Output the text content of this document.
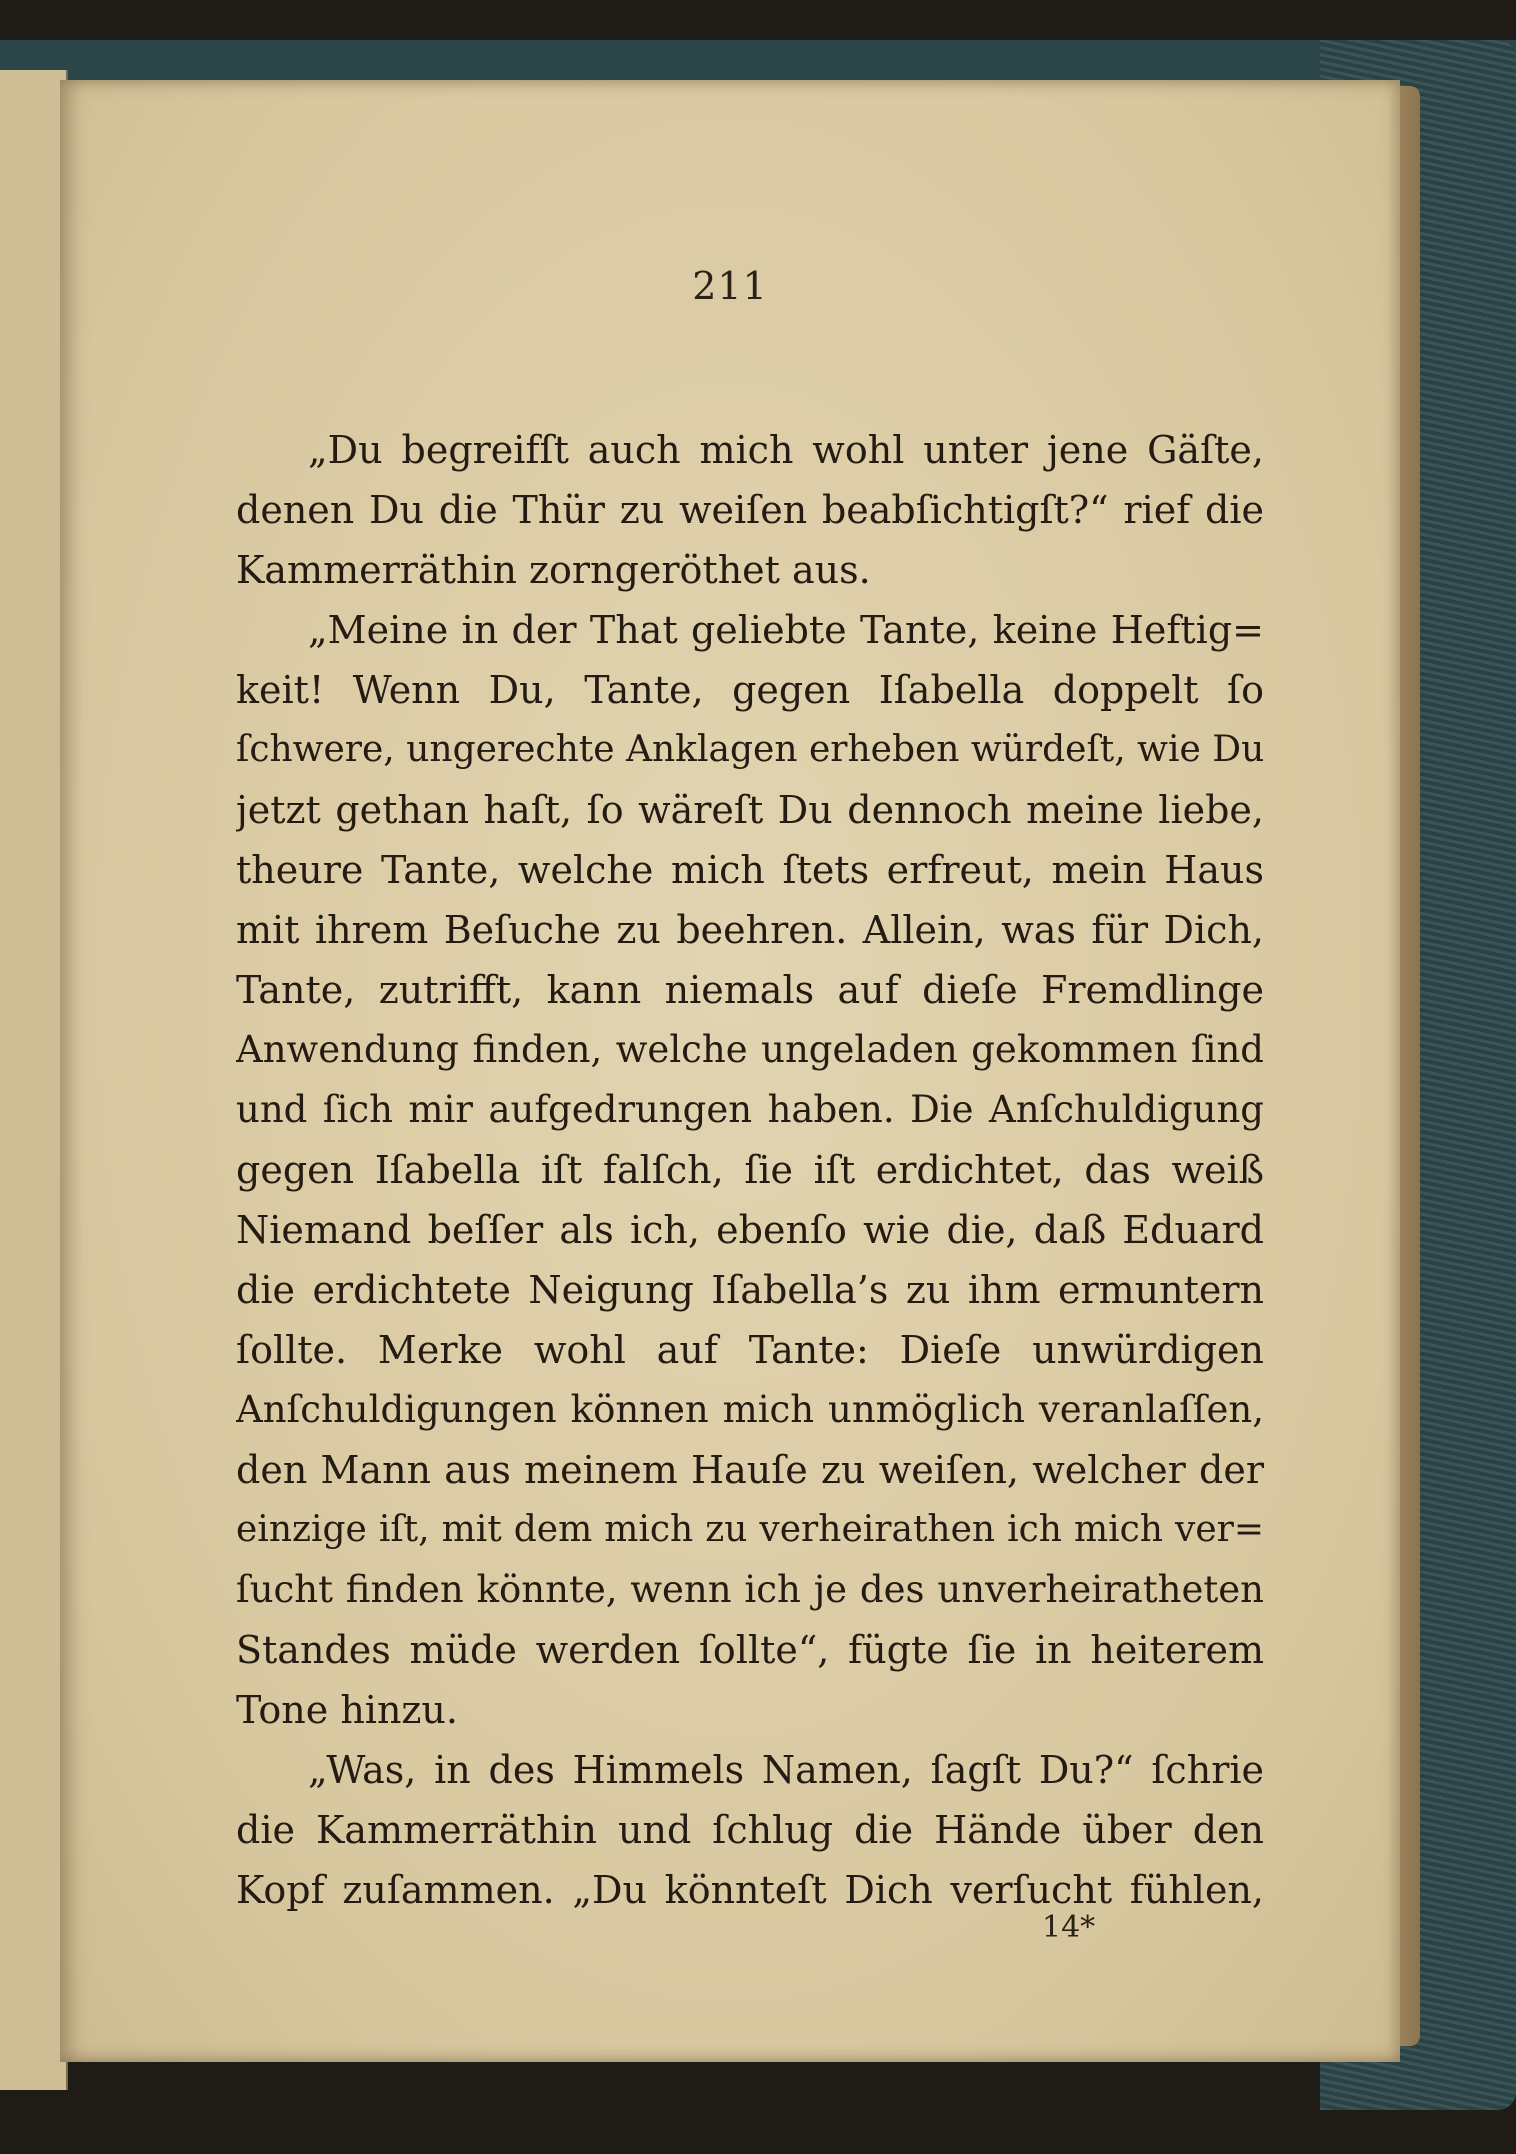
211
„Du begreifſt auch mich wohl unter jene Gäſte,
denen Du die Thür zu weiſen beabſichtigſt?“ rief die
Kammerräthin zorngeröthet aus.
„Meine in der That geliebte Tante, keine Heftig=
keit! Wenn Du, Tante, gegen Iſabella doppelt ſo
ſchwere, ungerechte Anklagen erheben würdeſt, wie Du
jetzt gethan haſt, ſo wäreſt Du dennoch meine liebe,
theure Tante, welche mich ſtets erfreut, mein Haus
mit ihrem Beſuche zu beehren. Allein, was für Dich,
Tante, zutrifft, kann niemals auf dieſe Fremdlinge
Anwendung finden, welche ungeladen gekommen ſind
und ſich mir aufgedrungen haben. Die Anſchuldigung
gegen Iſabella iſt falſch, ſie iſt erdichtet, das weiß
Niemand beſſer als ich, ebenſo wie die, daß Eduard
die erdichtete Neigung Iſabella’s zu ihm ermuntern
ſollte. Merke wohl auf Tante: Dieſe unwürdigen
Anſchuldigungen können mich unmöglich veranlaſſen,
den Mann aus meinem Hauſe zu weiſen, welcher der
einzige iſt, mit dem mich zu verheirathen ich mich ver=
ſucht finden könnte, wenn ich je des unverheiratheten
Standes müde werden ſollte“, fügte ſie in heiterem
Tone hinzu.
„Was, in des Himmels Namen, ſagſt Du?“ ſchrie
die Kammerräthin und ſchlug die Hände über den
Kopf zuſammen. „Du könnteſt Dich verſucht fühlen,
14*
